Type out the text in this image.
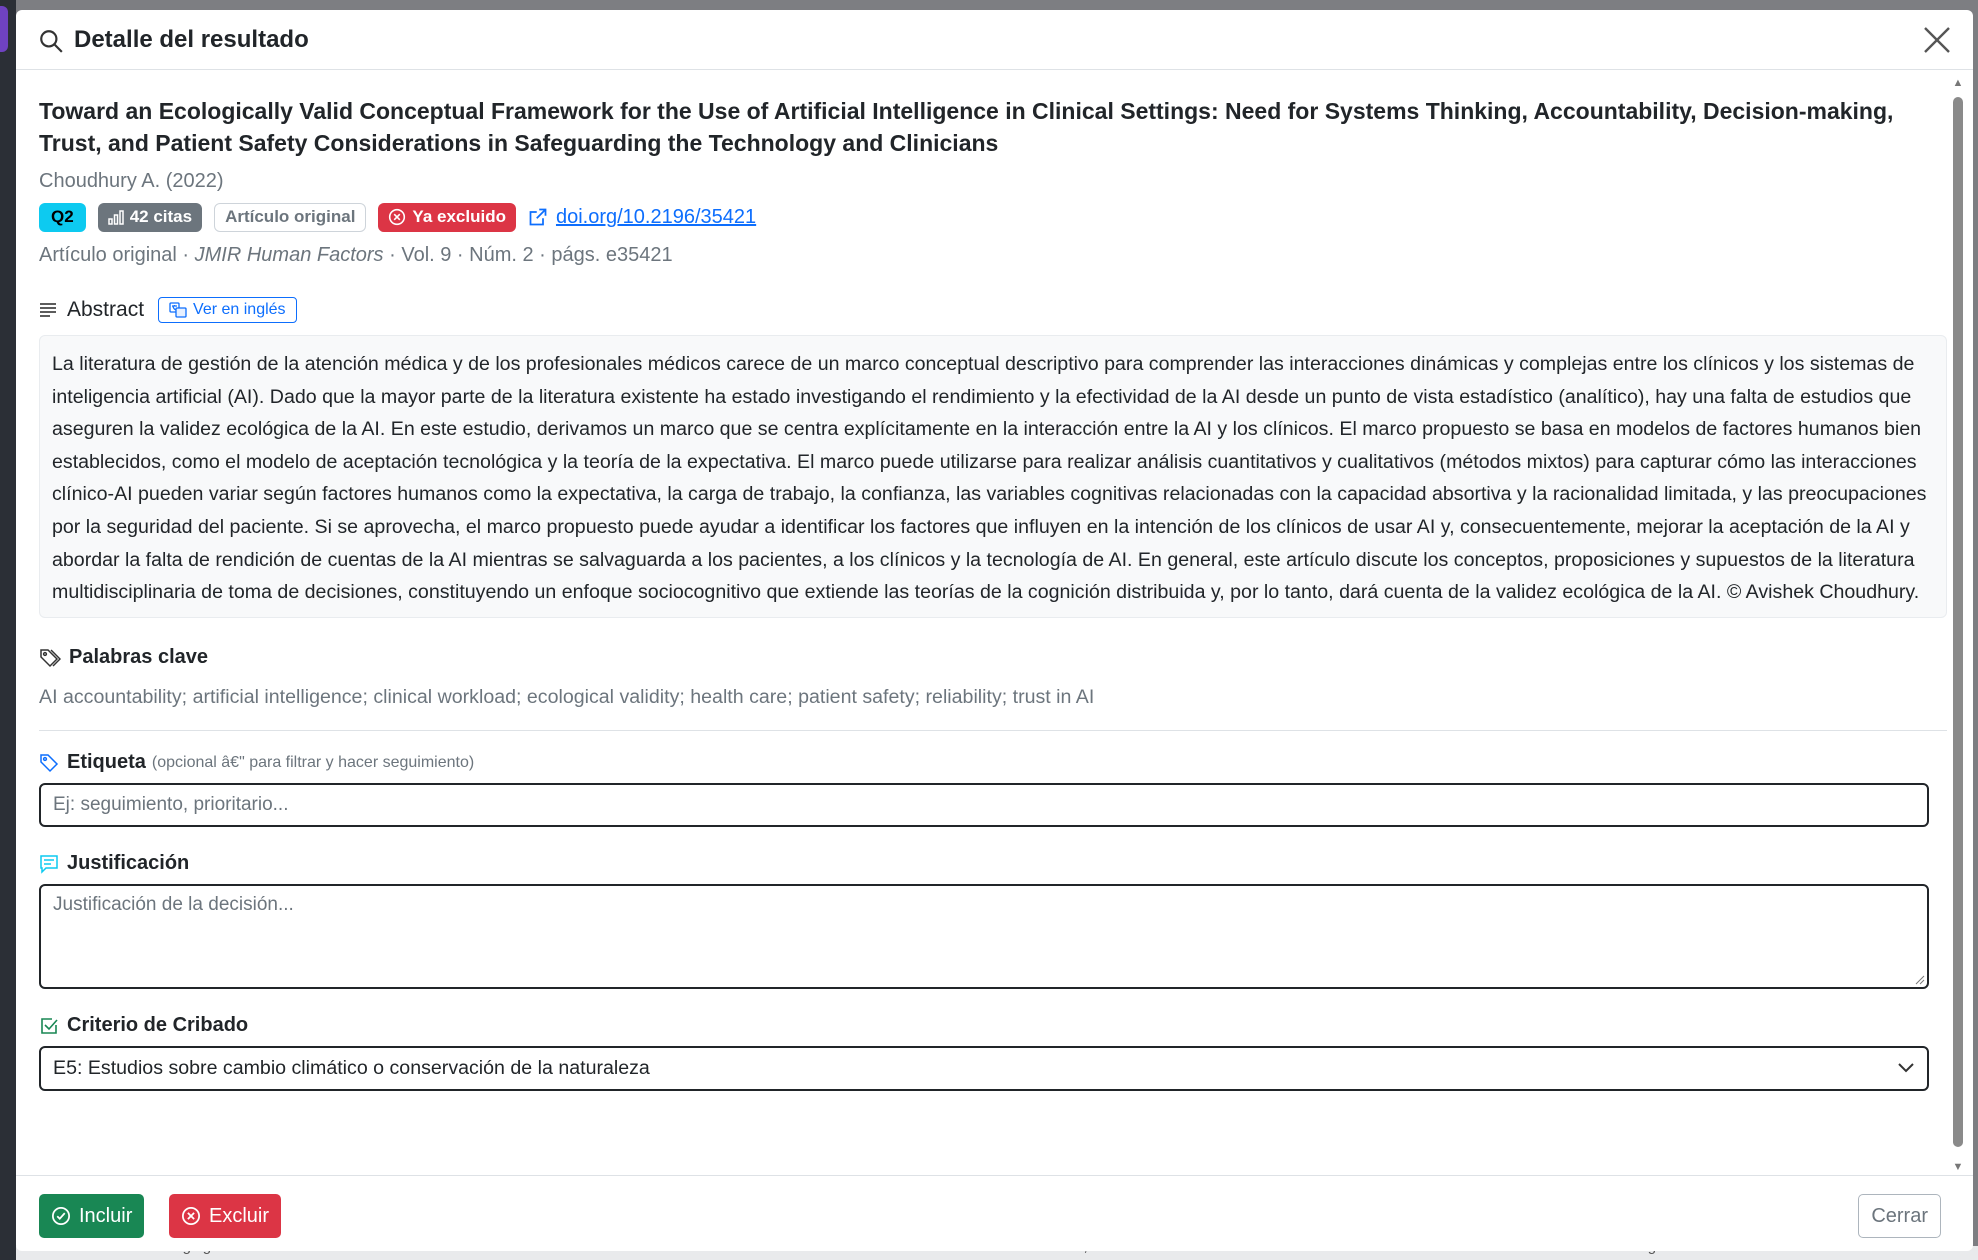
Detalle del resultado
Toward an Ecologically Valid Conceptual Framework for the Use of Artificial Intelligence in Clinical Settings: Need for Systems Thinking, Accountability, Decision-making, Trust, and Patient Safety Considerations in Safeguarding the Technology and Clinicians
Choudhury A. (2022)
Q2	42 citas	Artículo original	Ya excluido	doi.org/10.2196/35421
Artículo original · JMIR Human Factors · Vol. 9 · Núm. 2 · págs. e35421
Abstract	Ver en inglés
La literatura de gestión de la atención médica y de los profesionales médicos carece de un marco conceptual descriptivo para comprender las interacciones dinámicas y complejas entre los clínicos y los sistemas de inteligencia artificial (AI). Dado que la mayor parte de la literatura existente ha estado investigando el rendimiento y la efectividad de la AI desde un punto de vista estadístico (analítico), hay una falta de estudios que aseguren la validez ecológica de la AI. En este estudio, derivamos un marco que se centra explícitamente en la interacción entre la AI y los clínicos. El marco propuesto se basa en modelos de factores humanos bien establecidos, como el modelo de aceptación tecnológica y la teoría de la expectativa. El marco puede utilizarse para realizar análisis cuantitativos y cualitativos (métodos mixtos) para capturar cómo las interacciones clínico-AI pueden variar según factores humanos como la expectativa, la carga de trabajo, la confianza, las variables cognitivas relacionadas con la capacidad absortiva y la racionalidad limitada, y las preocupaciones por la seguridad del paciente. Si se aprovecha, el marco propuesto puede ayudar a identificar los factores que influyen en la intención de los clínicos de usar AI y, consecuentemente, mejorar la aceptación de la AI y abordar la falta de rendición de cuentas de la AI mientras se salvaguarda a los pacientes, a los clínicos y la tecnología de AI. En general, este artículo discute los conceptos, proposiciones y supuestos de la literatura multidisciplinaria de toma de decisiones, constituyendo un enfoque sociocognitivo que extiende las teorías de la cognición distribuida y, por lo tanto, dará cuenta de la validez ecológica de la AI. © Avishek Choudhury.
Palabras clave
AI accountability; artificial intelligence; clinical workload; ecological validity; health care; patient safety; reliability; trust in AI
Etiqueta (opcional â€" para filtrar y hacer seguimiento)
Ej: seguimiento, prioritario...
Justificación
Justificación de la decisión...
Criterio de Cribado
E5: Estudios sobre cambio climático o conservación de la naturaleza
▲
▼
Incluir	Excluir	Cerrar
